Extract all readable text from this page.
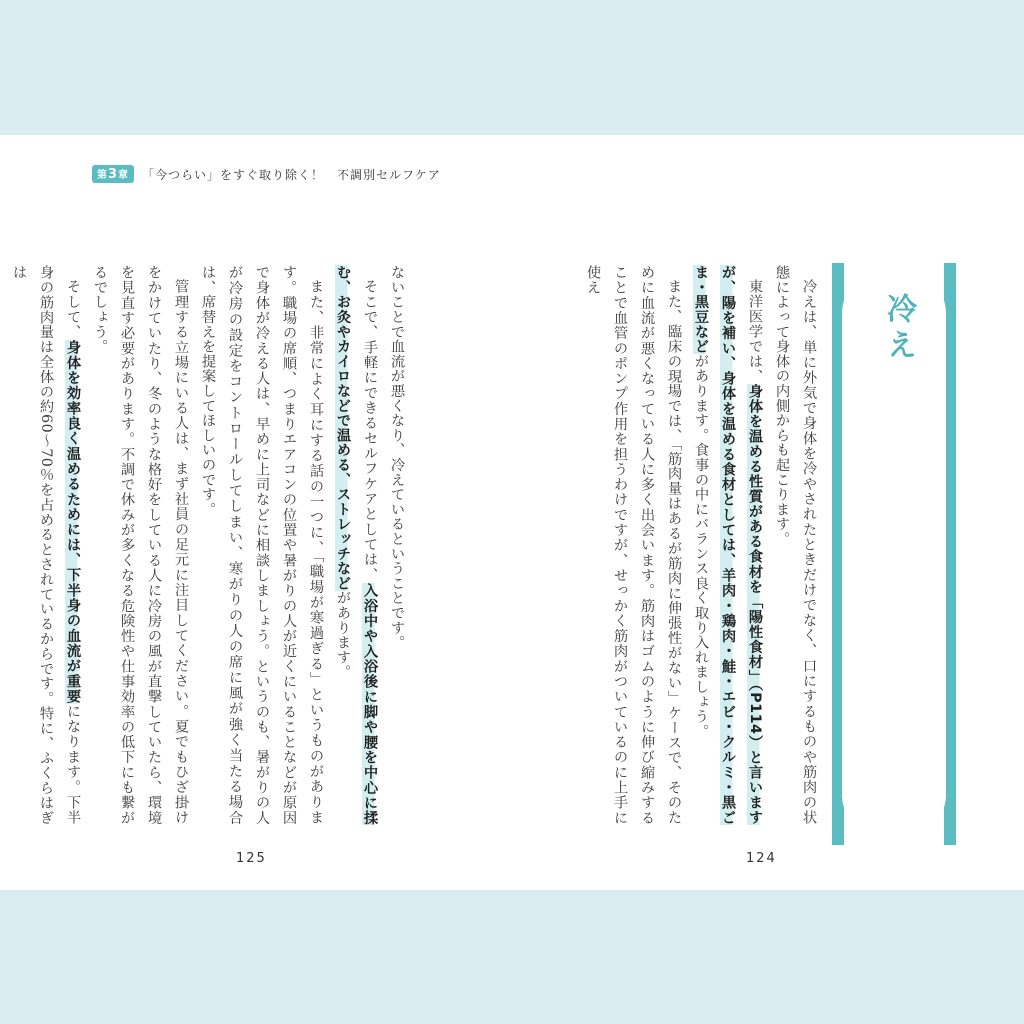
第3章	「今つらい」をすぐ取り除く！　不調別セルフケア

ないことで血流が悪くなり、冷えているということです。

そこで、手軽にできるセルフケアとしては、入浴中や入浴後に脚や腰を中心に揉む、お灸やカイロなどで温める、ストレッチなどがあります。

また、非常によく耳にする話の一つに、「職場が寒過ぎる」というものがあります。職場の席順、つまりエアコンの位置や暑がりの人が近くにいることなどが原因で身体が冷える人は、早めに上司などに相談しましょう。というのも、暑がりの人が冷房の設定をコントロールしてしまい、寒がりの人の席に風が強く当たる場合は、席替えを提案してほしいのです。

管理する立場にいる人は、まず社員の足元に注目してください。夏でもひざ掛けをかけていたり、冬のような格好をしている人に冷房の風が直撃していたら、環境を見直す必要があります。不調で休みが多くなる危険性や仕事効率の低下にも繋がるでしょう。

そして、身体を効率良く温めるためには、下半身の血流が重要になります。下半身の筋肉量は全体の約60〜70％を占めるとされているからです。特に、ふくらはぎは

冷えは、単に外気で身体を冷やされたときだけでなく、口にするものや筋肉の状態によって身体の内側からも起こります。

東洋医学では、身体を温める性質がある食材を「陽性食材」（P114）と言いますが、陽を補い、身体を温める食材としては、羊肉・鶏肉・鮭・エビ・クルミ・黒ごま・黒豆などがあります。食事の中にバランス良く取り入れましょう。

また、臨床の現場では、「筋肉量はあるが筋肉に伸張性がない」ケースで、そのために血流が悪くなっている人に多く出会います。筋肉はゴムのように伸び縮みすることで血管のポンプ作用を担うわけですが、せっかく筋肉がついているのに上手に使え

冷え
125	124
